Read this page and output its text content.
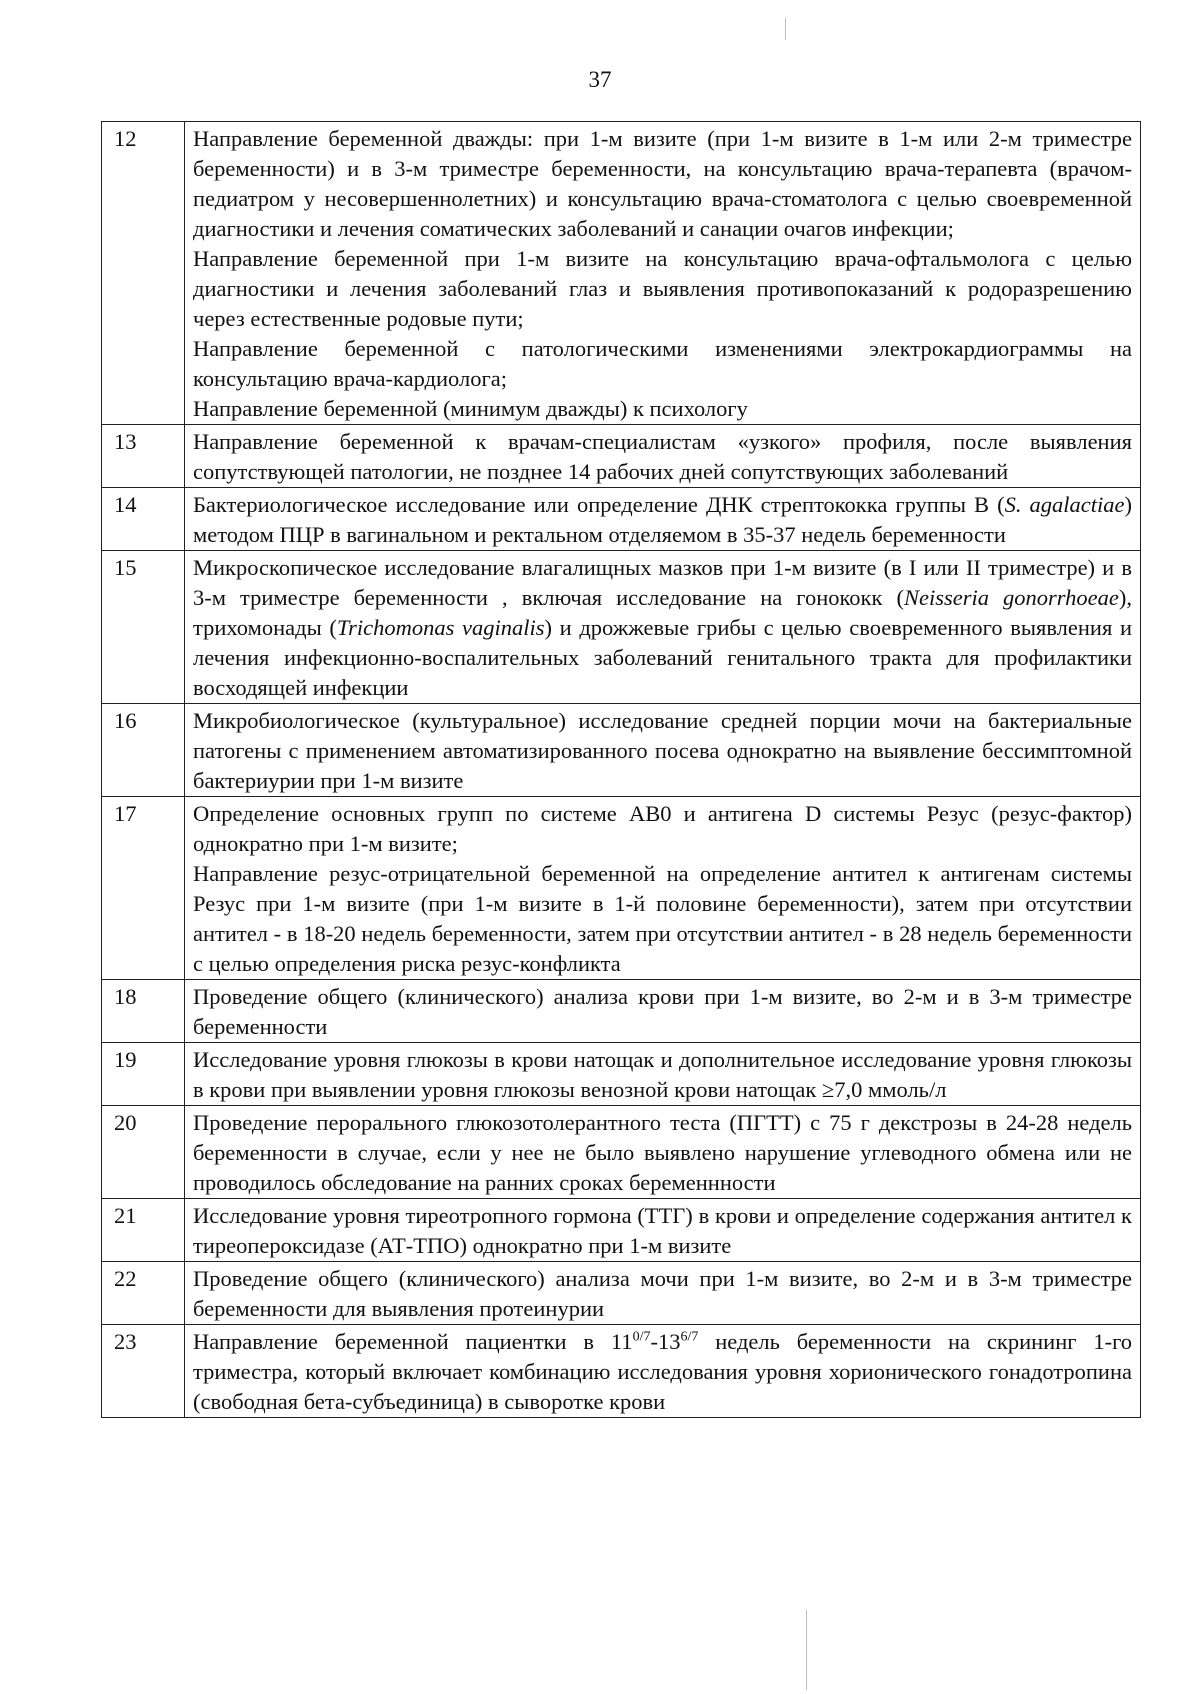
37
12	Направление беременной дважды: при 1-м визите (при 1-м визите в 1-м или 2-м триместре беременности) и в 3-м триместре беременности, на консультацию врача-терапевта (врачом-педиатром у несовершеннолетних) и консультацию врача-стоматолога с целью своевременной диагностики и лечения соматических заболеваний и санации очагов инфекции;
Направление беременной при 1-м визите на консультацию врача-офтальмолога с целью диагностики и лечения заболеваний глаз и выявления противопоказаний к родоразрешению через естественные родовые пути;
Направление беременной с патологическими изменениями электрокардиограммы на консультацию врача-кардиолога;
Направление беременной (минимум дважды) к психологу

13	Направление беременной к врачам-специалистам «узкого» профиля, после выявления сопутствующей патологии, не позднее 14 рабочих дней сопутствующих заболеваний

14	Бактериологическое исследование или определение ДНК стрептококка группы В (S. agalactiae) методом ПЦР в вагинальном и ректальном отделяемом в 35-37 недель беременности

15	Микроскопическое исследование влагалищных мазков при 1-м визите (в I или II триместре) и в 3-м триместре беременности , включая исследование на гонококк (Neisseria gonorrhoeae), трихомонады (Trichomonas vaginalis) и дрожжевые грибы с целью своевременного выявления и лечения инфекционно-воспалительных заболеваний генитального тракта для профилактики восходящей инфекции

16	Микробиологическое (культуральное) исследование средней порции мочи на бактериальные патогены с применением автоматизированного посева однократно на выявление бессимптомной бактериурии при 1-м визите

17	Определение основных групп по системе АВ0 и антигена D системы Резус (резус-фактор) однократно при 1-м визите;
Направление резус-отрицательной беременной на определение антител к антигенам системы Резус при 1-м визите (при 1-м визите в 1-й половине беременности), затем при отсутствии антител - в 18-20 недель беременности, затем при отсутствии антител - в 28 недель беременности с целью определения риска резус-конфликта

18	Проведение общего (клинического) анализа крови при 1-м визите, во 2-м и в 3-м триместре беременности

19	Исследование уровня глюкозы в крови натощак и дополнительное исследование уровня глюкозы в крови при выявлении уровня глюкозы венозной крови натощак ≥7,0 ммоль/л

20	Проведение перорального глюкозотолерантного теста (ПГТТ) с 75 г декстрозы в 24-28 недель беременности в случае, если у нее не было выявлено нарушение углеводного обмена или не проводилось обследование на ранних сроках беременнности

21	Исследование уровня тиреотропного гормона (ТТГ) в крови и определение содержания антител к тиреопероксидазе (АТ-ТПО) однократно при 1-м визите

22	Проведение общего (клинического) анализа мочи при 1-м визите, во 2-м и в 3-м триместре беременности для выявления протеинурии

23	Направление беременной пациентки в $11^{0/7}-13^{6/7}$ недель беременности на скрининг 1-го триместра, который включает комбинацию исследования уровня хорионического гонадотропина (свободная бета-субъединица) в сыворотке крови
